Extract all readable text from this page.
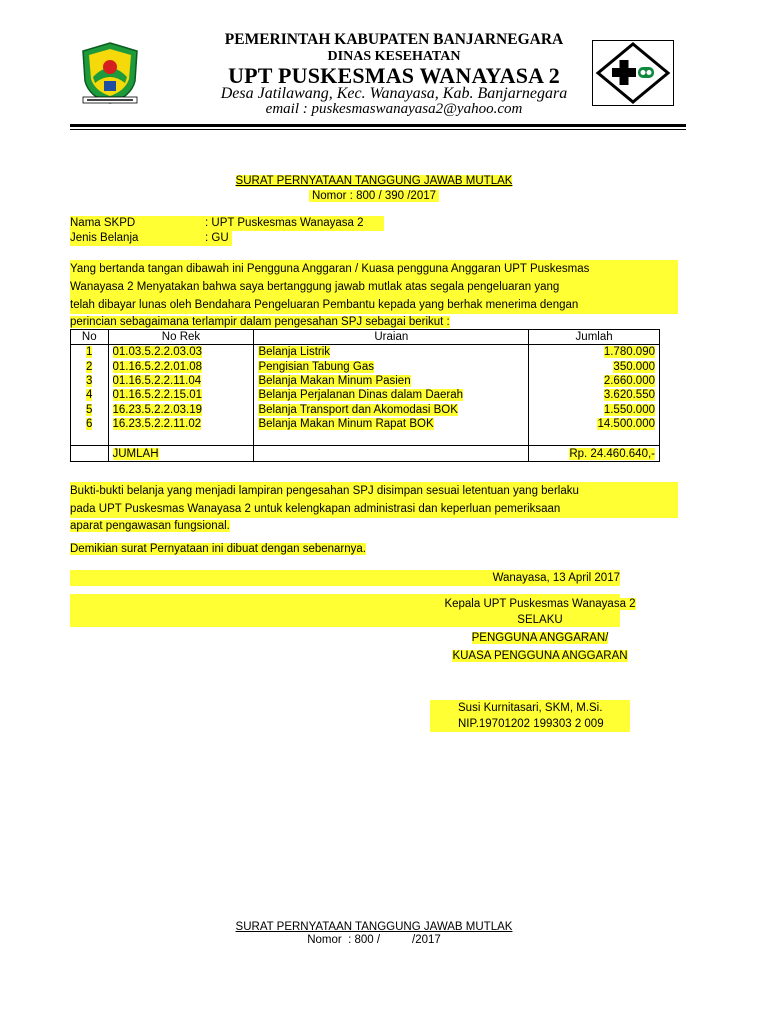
PEMERINTAH KABUPATEN BANJARNEGARA
DINAS KESEHATAN
UPT PUSKESMAS WANAYASA 2
Desa Jatilawang, Kec. Wanayasa, Kab. Banjarnegara
email : puskesmaswanayasa2@yahoo.com
SURAT PERNYATAAN TANGGUNG JAWAB MUTLAK
Nomor : 800 / 390 /2017
Nama SKPD	: UPT Puskesmas Wanayasa 2
Jenis Belanja	: GU
Yang bertanda tangan dibawah ini Pengguna Anggaran / Kuasa pengguna Anggaran UPT Puskesmas
Wanayasa 2 Menyatakan bahwa saya bertanggung jawab mutlak atas segala pengeluaran yang
telah dibayar lunas oleh Bendahara Pengeluaran Pembantu kepada yang berhak menerima dengan
perincian sebagaimana terlampir dalam pengesahan SPJ sebagai berikut :
No	No Rek	Uraian	Jumlah
1	01.03.5.2.2.03.03	Belanja Listrik	1.780.090
2	01.16.5.2.2.01.08	Pengisian Tabung Gas	350.000
3	01.16.5.2.2.11.04	Belanja Makan Minum Pasien	2.660.000
4	01.16.5.2.2.15.01	Belanja Perjalanan Dinas dalam Daerah	3.620.550
5	16.23.5.2.2.03.19	Belanja Transport dan Akomodasi BOK	1.550.000
6	16.23.5.2.2.11.02	Belanja Makan Minum Rapat BOK	14.500.000

	JUMLAH		Rp. 24.460.640,-
Bukti-bukti belanja yang menjadi lampiran pengesahan SPJ disimpan sesuai letentuan yang berlaku
pada UPT Puskesmas Wanayasa 2 untuk kelengkapan administrasi dan keperluan pemeriksaan
aparat pengawasan fungsional.
Demikian surat Pernyataan ini dibuat dengan sebenarnya.
Wanayasa, 13 April 2017
Kepala UPT Puskesmas Wanayasa 2
SELAKU
PENGGUNA ANGGARAN/
KUASA PENGGUNA ANGGARAN
Susi Kurnitasari, SKM, M.Si.
NIP.19701202 199303 2 009
SURAT PERNYATAAN TANGGUNG JAWAB MUTLAK
Nomor  : 800 /          /2017
